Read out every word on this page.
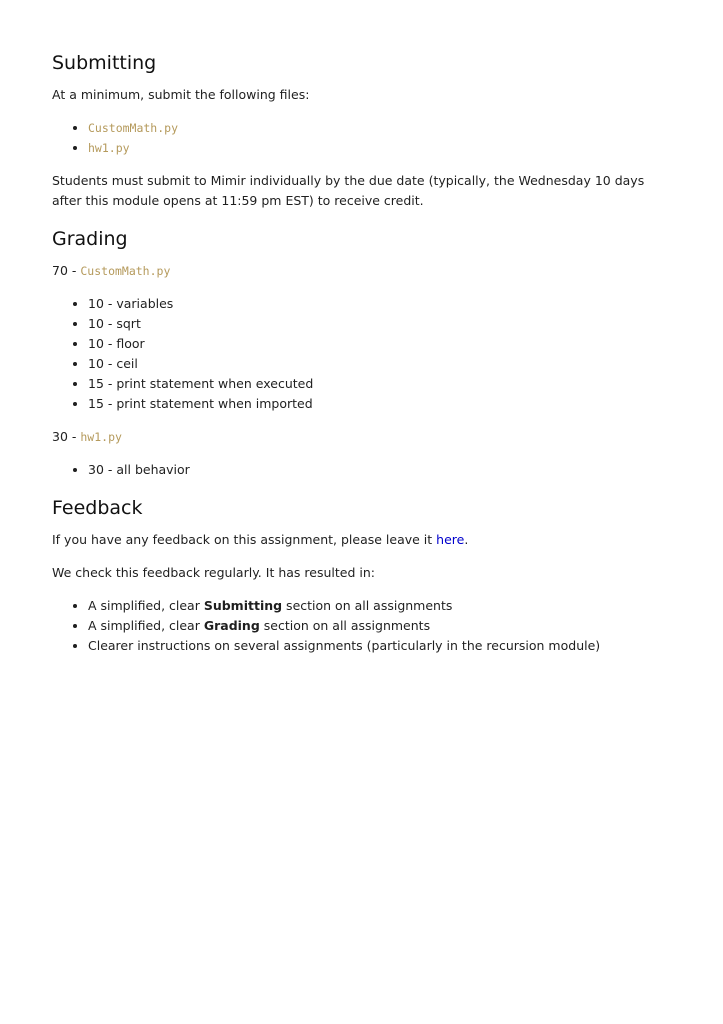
Submitting

At a minimum, submit the following files:

• CustomMath.py
• hw1.py

Students must submit to Mimir individually by the due date (typically, the Wednesday 10 days after this module opens at 11:59 pm EST) to receive credit.

Grading

70 - CustomMath.py

• 10 - variables
• 10 - sqrt
• 10 - floor
• 10 - ceil
• 15 - print statement when executed
• 15 - print statement when imported

30 - hw1.py

• 30 - all behavior
Feedback

If you have any feedback on this assignment, please leave it here.

We check this feedback regularly. It has resulted in:

• A simplified, clear Submitting section on all assignments
• A simplified, clear Grading section on all assignments
• Clearer instructions on several assignments (particularly in the recursion module)
